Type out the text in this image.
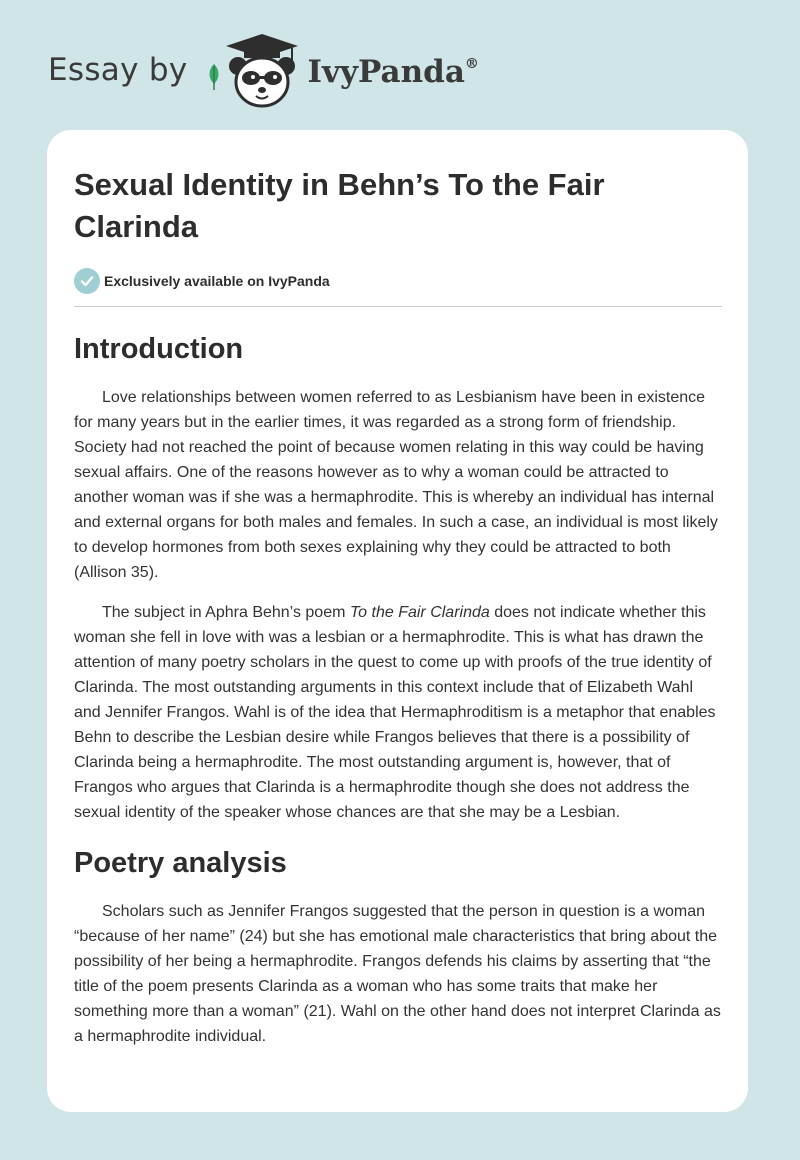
Essay by	IvyPanda®
Sexual Identity in Behn’s To the Fair Clarinda
Exclusively available on IvyPanda
Introduction

Love relationships between women referred to as Lesbianism have been in existence for many years but in the earlier times, it was regarded as a strong form of friendship. Society had not reached the point of because women relating in this way could be having sexual affairs. One of the reasons however as to why a woman could be attracted to another woman was if she was a hermaphrodite. This is whereby an individual has internal and external organs for both males and females. In such a case, an individual is most likely to develop hormones from both sexes explaining why they could be attracted to both (Allison 35).

The subject in Aphra Behn’s poem To the Fair Clarinda does not indicate whether this woman she fell in love with was a lesbian or a hermaphrodite. This is what has drawn the attention of many poetry scholars in the quest to come up with proofs of the true identity of Clarinda. The most outstanding arguments in this context include that of Elizabeth Wahl and Jennifer Frangos. Wahl is of the idea that Hermaphroditism is a metaphor that enables Behn to describe the Lesbian desire while Frangos believes that there is a possibility of Clarinda being a hermaphrodite. The most outstanding argument is, however, that of Frangos who argues that Clarinda is a hermaphrodite though she does not address the sexual identity of the speaker whose chances are that she may be a Lesbian.

Poetry analysis

Scholars such as Jennifer Frangos suggested that the person in question is a woman “because of her name” (24) but she has emotional male characteristics that bring about the possibility of her being a hermaphrodite. Frangos defends his claims by asserting that “the title of the poem presents Clarinda as a woman who has some traits that make her something more than a woman” (21). Wahl on the other hand does not interpret Clarinda as a hermaphrodite individual.
